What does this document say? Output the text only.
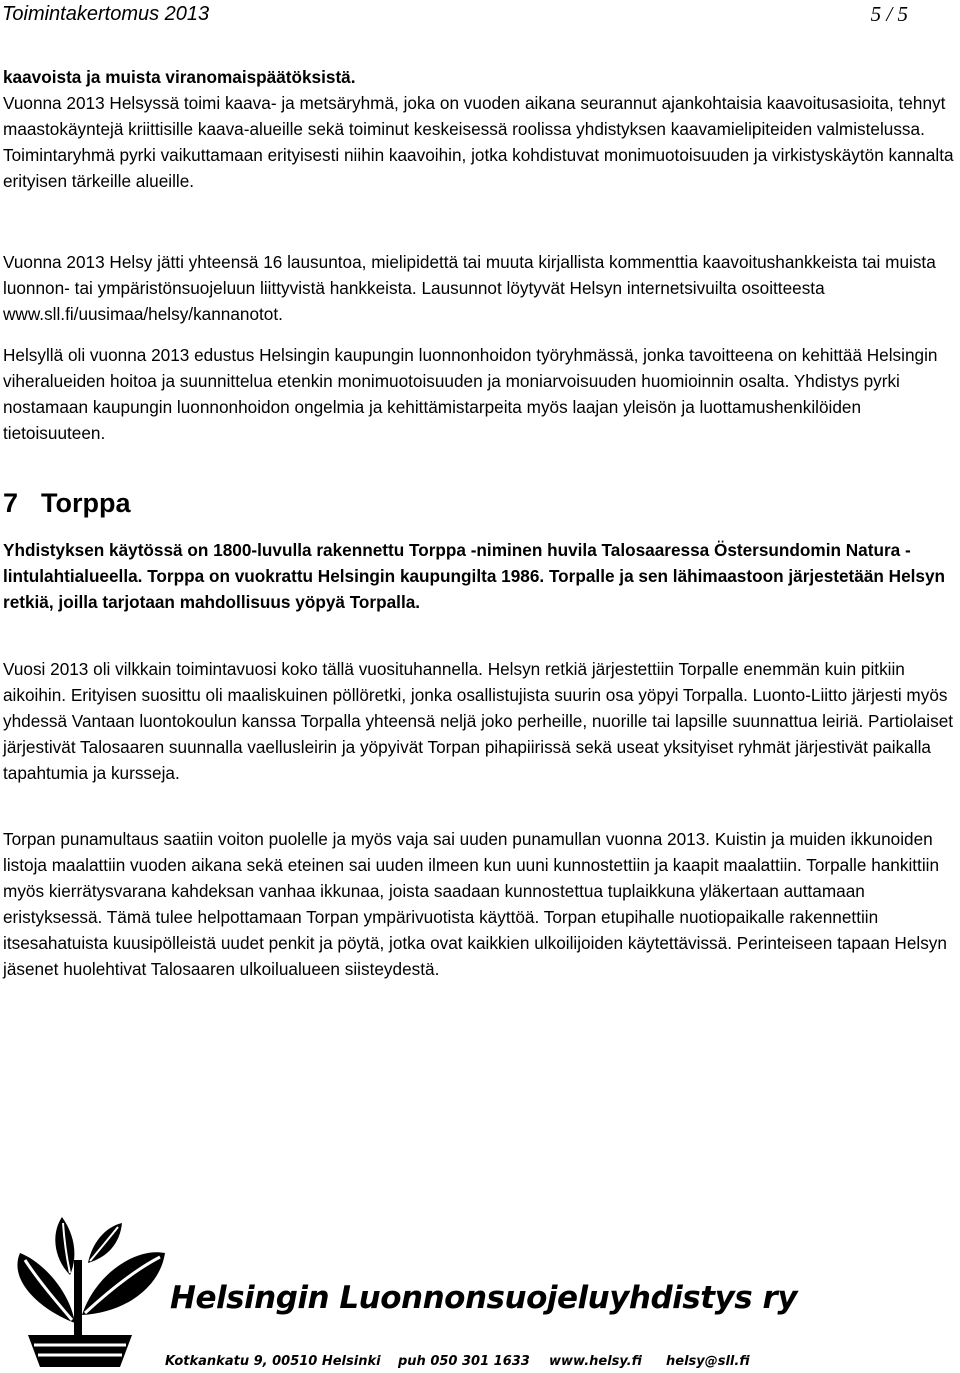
Toimintakertomus 2013	5 / 5

kaavoista ja muista viranomaispäätöksistä.

Vuonna 2013 Helsyssä toimi kaava- ja metsäryhmä, joka on vuoden aikana seurannut ajankohtaisia kaavoitusasioita, tehnyt maastokäyntejä kriittisille kaava-alueille sekä toiminut keskeisessä roolissa yhdistyksen kaavamielipiteiden valmistelussa. Toimintaryhmä pyrki vaikuttamaan erityisesti niihin kaavoihin, jotka kohdistuvat monimuotoisuuden ja virkistyskäytön kannalta erityisen tärkeille alueille.

Vuonna 2013 Helsy jätti yhteensä 16 lausuntoa, mielipidettä tai muuta kirjallista kommenttia kaavoitushankkeista tai muista luonnon- tai ympäristönsuojeluun liittyvistä hankkeista. Lausunnot löytyvät Helsyn internetsivuilta osoitteesta www.sll.fi/uusimaa/helsy/kannanotot.

Helsyllä oli vuonna 2013 edustus Helsingin kaupungin luonnonhoidon työryhmässä, jonka tavoitteena on kehittää Helsingin viheralueiden hoitoa ja suunnittelua etenkin monimuotoisuuden ja moniarvoisuuden huomioinnin osalta. Yhdistys pyrki nostamaan kaupungin luonnonhoidon ongelmia ja kehittämistarpeita myös laajan yleisön ja luottamushenkilöiden tietoisuuteen.

7 Torppa

Yhdistyksen käytössä on 1800-luvulla rakennettu Torppa -niminen huvila Talosaaressa Östersundomin Natura - lintulahtialueella. Torppa on vuokrattu Helsingin kaupungilta 1986. Torpalle ja sen lähimaastoon järjestetään Helsyn retkiä, joilla tarjotaan mahdollisuus yöpyä Torpalla.

Vuosi 2013 oli vilkkain toimintavuosi koko tällä vuosituhannella. Helsyn retkiä järjestettiin Torpalle enemmän kuin pitkiin aikoihin. Erityisen suosittu oli maaliskuinen pöllöretki, jonka osallistujista suurin osa yöpyi Torpalla. Luonto-Liitto järjesti myös yhdessä Vantaan luontokoulun kanssa Torpalla yhteensä neljä joko perheille, nuorille tai lapsille suunnattua leiriä. Partiolaiset järjestivät Talosaaren suunnalla vaellusleirin ja yöpyivät Torpan pihapiirissä sekä useat yksityiset ryhmät järjestivät paikalla tapahtumia ja kursseja.

Torpan punamultaus saatiin voiton puolelle ja myös vaja sai uuden punamullan vuonna 2013. Kuistin ja muiden ikkunoiden listoja maalattiin vuoden aikana sekä eteinen sai uuden ilmeen kun uuni kunnostettiin ja kaapit maalattiin. Torpalle hankittiin myös kierrätysvarana kahdeksan vanhaa ikkunaa, joista saadaan kunnostettua tuplaikkuna yläkertaan auttamaan eristyksessä. Tämä tulee helpottamaan Torpan ympärivuotista käyttöä. Torpan etupihalle nuotiopaikalle rakennettiin itsesahatuista kuusipölleistä uudet penkit ja pöytä, jotka ovat kaikkien ulkoilijoiden käytettävissä. Perinteiseen tapaan Helsyn jäsenet huolehtivat Talosaaren ulkoilualueen siisteydestä.

Helsingin Luonnonsuojeluyhdistys ry
Kotkankatu 9, 00510 Helsinki puh 050 301 1633 www.helsy.fi helsy@sll.fi
